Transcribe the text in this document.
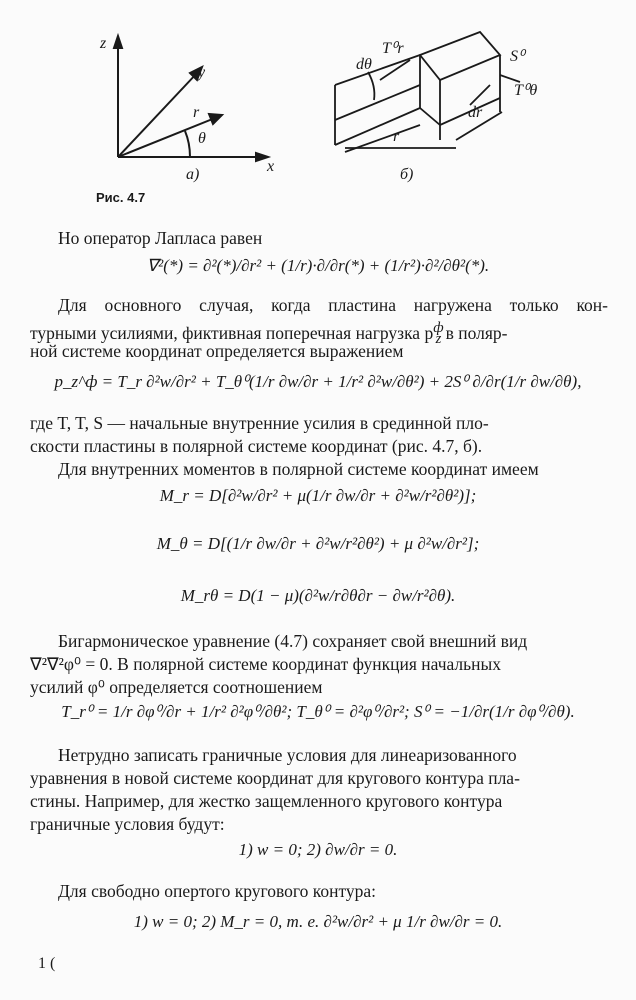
z
y
x
r
θ
а)
dθ
T⁰r	S⁰
T⁰θ
r
dr
б)
Рис. 4.7
Но оператор Лапласа равен
∇²(*) = ∂²(*)/∂r² + (1/r)·∂/∂r(*) + (1/r²)·∂²/∂θ²(*).
Для основного случая, когда пластина нагружена только кон-
турными усилиями, фиктивная поперечная нагрузка $p^ф_z$ в поляр-
ной системе координат определяется выражением
p_z^ф = T_r ∂²w/∂r² + T_θ⁰(1/r ∂w/∂r + 1/r² ∂²w/∂θ²) + 2S⁰ ∂/∂r(1/r ∂w/∂θ),
где T, T, S — начальные внутренние усилия в срединной пло-
скости пластины в полярной системе координат (рис. 4.7, б).
Для внутренних моментов в полярной системе координат имеем
M_r = D[∂²w/∂r² + μ(1/r ∂w/∂r + ∂²w/r²∂θ²)];
M_θ = D[(1/r ∂w/∂r + ∂²w/r²∂θ²) + μ ∂²w/∂r²];
M_rθ = D(1 − μ)(∂²w/r∂θ∂r − ∂w/r²∂θ).
Бигармоническое уравнение (4.7) сохраняет свой внешний вид
∇²∇²φ⁰ = 0. В полярной системе координат функция начальных
усилий φ⁰ определяется соотношением
T_r⁰ = 1/r ∂φ⁰/∂r + 1/r² ∂²φ⁰/∂θ²; T_θ⁰ = ∂²φ⁰/∂r²; S⁰ = −1/∂r(1/r ∂φ⁰/∂θ).
Нетрудно записать граничные условия для линеаризованного
уравнения в новой системе координат для кругового контура пла-
стины. Например, для жестко защемленного кругового контура
граничные условия будут:
1) w = 0; 2) ∂w/∂r = 0.
Для свободно опертого кругового контура:
1) w = 0; 2) M_r = 0, т. е. ∂²w/∂r² + μ 1/r ∂w/∂r = 0.
1 (
